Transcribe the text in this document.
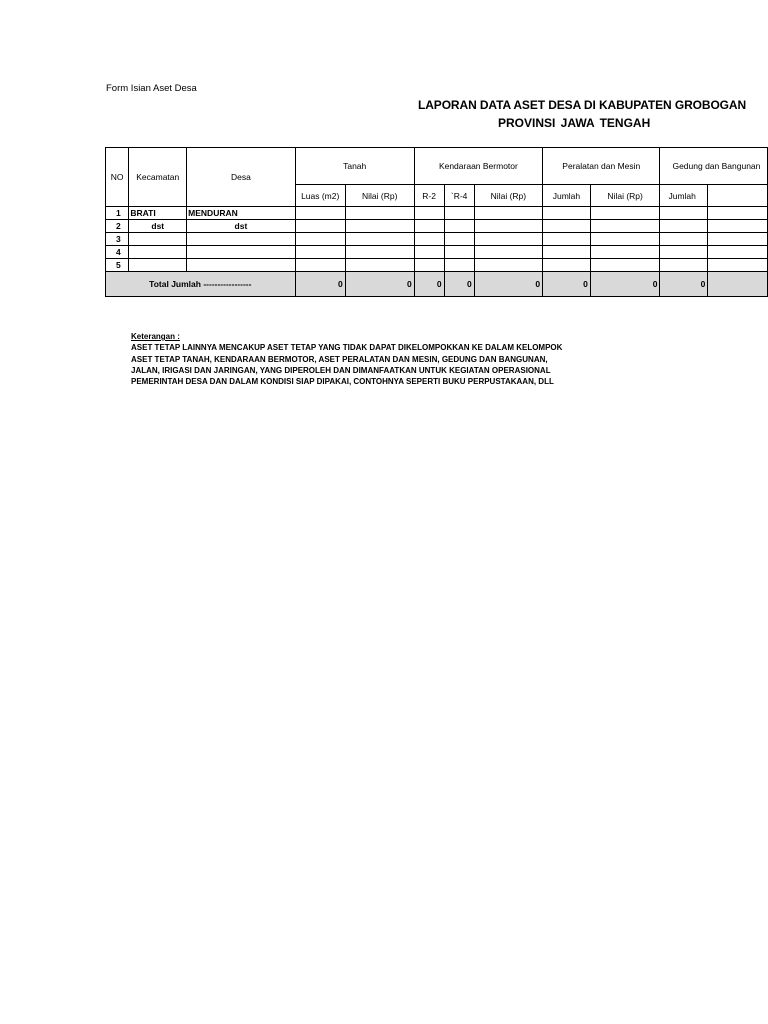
Form Isian Aset Desa
LAPORAN DATA ASET DESA DI KABUPATEN GROBOGAN
PROVINSI JAWA TENGAH
NO	Kecamatan	Desa	Tanah		Kendaraan Bermotor			Peralatan dan Mesin		Gedung dan Bangunan	
			Luas (m2)	Nilai (Rp)	R-2	`R-4	Nilai (Rp)	Jumlah	Nilai (Rp)	Jumlah	
1	BRATI	MENDURAN									
2	dst	dst									
3											
4											
5											
Total Jumlah -----------------			0	0	0	0	0	0	0	0	
Keterangan :
ASET TETAP LAINNYA MENCAKUP ASET TETAP YANG TIDAK DAPAT DIKELOMPOKKAN KE DALAM KELOMPOK
ASET TETAP TANAH, KENDARAAN BERMOTOR, ASET PERALATAN DAN MESIN, GEDUNG DAN BANGUNAN,
JALAN, IRIGASI DAN JARINGAN, YANG DIPEROLEH DAN DIMANFAATKAN UNTUK KEGIATAN OPERASIONAL
PEMERINTAH DESA DAN DALAM KONDISI SIAP DIPAKAI, CONTOHNYA SEPERTI BUKU PERPUSTAKAAN, DLL
